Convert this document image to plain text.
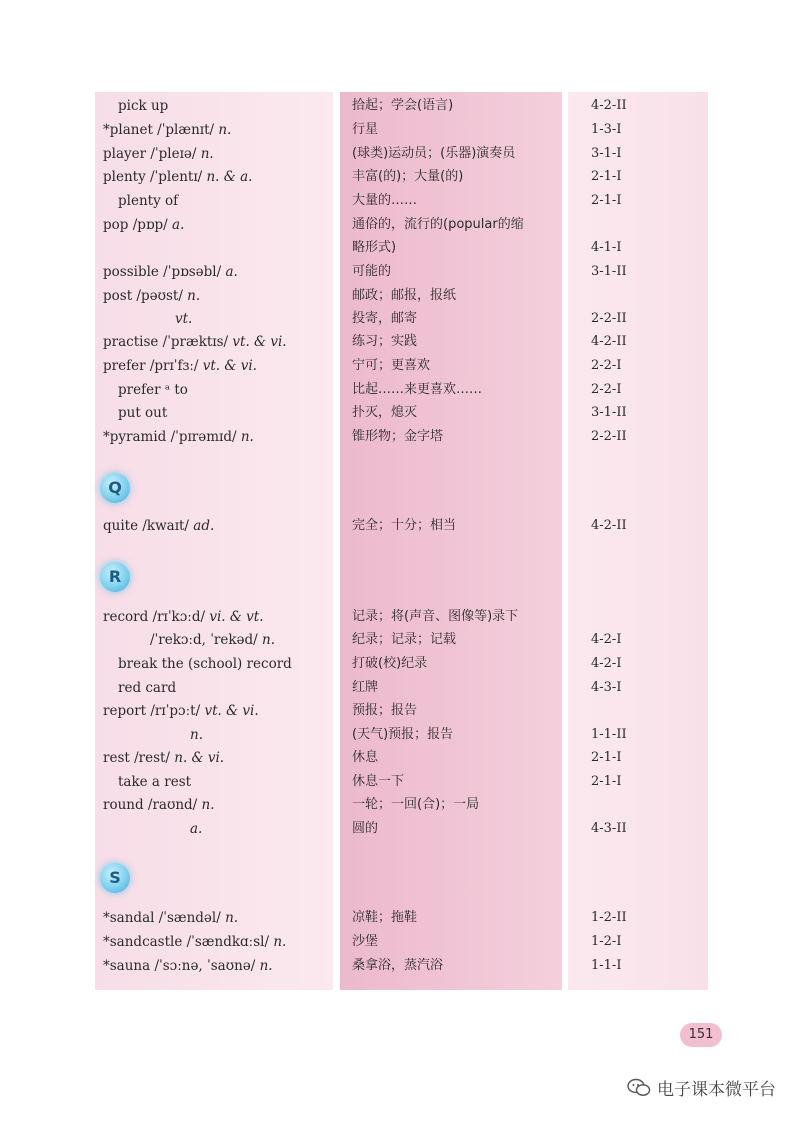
pick up	拾起；学会(语言)	4-2-II
*planet /ˈplænɪt/ n.	行星	1-3-I
player /ˈpleɪə/ n.	(球类)运动员；(乐器)演奏员	3-1-I
plenty /ˈplentɪ/ n. & a.	丰富(的)；大量(的)	2-1-I
plenty of	大量的……	2-1-I
pop /pɒp/ a.	通俗的，流行的(popular的缩
略形式)	4-1-I
possible /ˈpɒsəbl/ a.	可能的	3-1-II
post /pəʊst/ n.	邮政；邮报，报纸
vt.	投寄，邮寄	2-2-II
practise /ˈpræktɪs/ vt. & vi.	练习；实践	4-2-II
prefer /prɪˈfɜː/ vt. & vi.	宁可；更喜欢	2-2-I
prefer ᵃ to	比起……来更喜欢……	2-2-I
put out	扑灭，熄灭	3-1-II
*pyramid /ˈpɪrəmɪd/ n.	锥形物；金字塔	2-2-II
Q
quite /kwaɪt/ ad.	完全；十分；相当	4-2-II
R
record /rɪˈkɔːd/ vi. & vt.	记录；将(声音、图像等)录下
/ˈrekɔːd, ˈrekəd/ n.	纪录；记录；记载	4-2-I
break the (school) record	打破(校)纪录	4-2-I
red card	红牌	4-3-I
report /rɪˈpɔːt/ vt. & vi.	预报；报告
n.	(天气)预报；报告	1-1-II
rest /rest/ n. & vi.	休息	2-1-I
take a rest	休息一下	2-1-I
round /raʊnd/ n.	一轮；一回(合)；一局
a.	圆的	4-3-II
S
*sandal /ˈsændəl/ n.	凉鞋；拖鞋	1-2-II
*sandcastle /ˈsændkɑːsl/ n.	沙堡	1-2-I
*sauna /ˈsɔːnə, ˈsaʊnə/ n.	桑拿浴，蒸汽浴	1-1-I
151
电子课本微平台
